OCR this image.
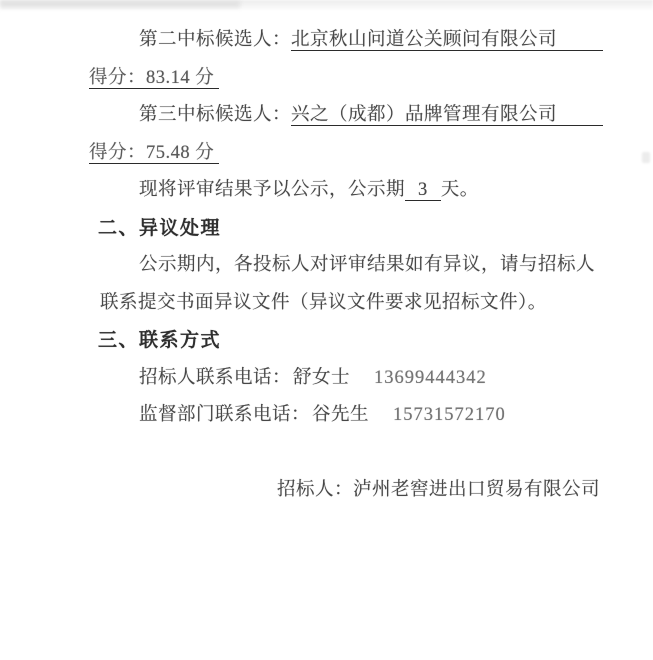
第二中标候选人：北京秋山问道公关顾问有限公司
得分：83.14 分
第三中标候选人：兴之（成都）品牌管理有限公司
得分：75.48 分
现将评审结果予以公示，公示期 3 天。
二、异议处理
公示期内，各投标人对评审结果如有异议，请与招标人
联系提交书面异议文件（异议文件要求见招标文件）。
三、联系方式
招标人联系电话： 舒女士 13699444342
监督部门联系电话： 谷先生 15731572170
招标人：泸州老窖进出口贸易有限公司
